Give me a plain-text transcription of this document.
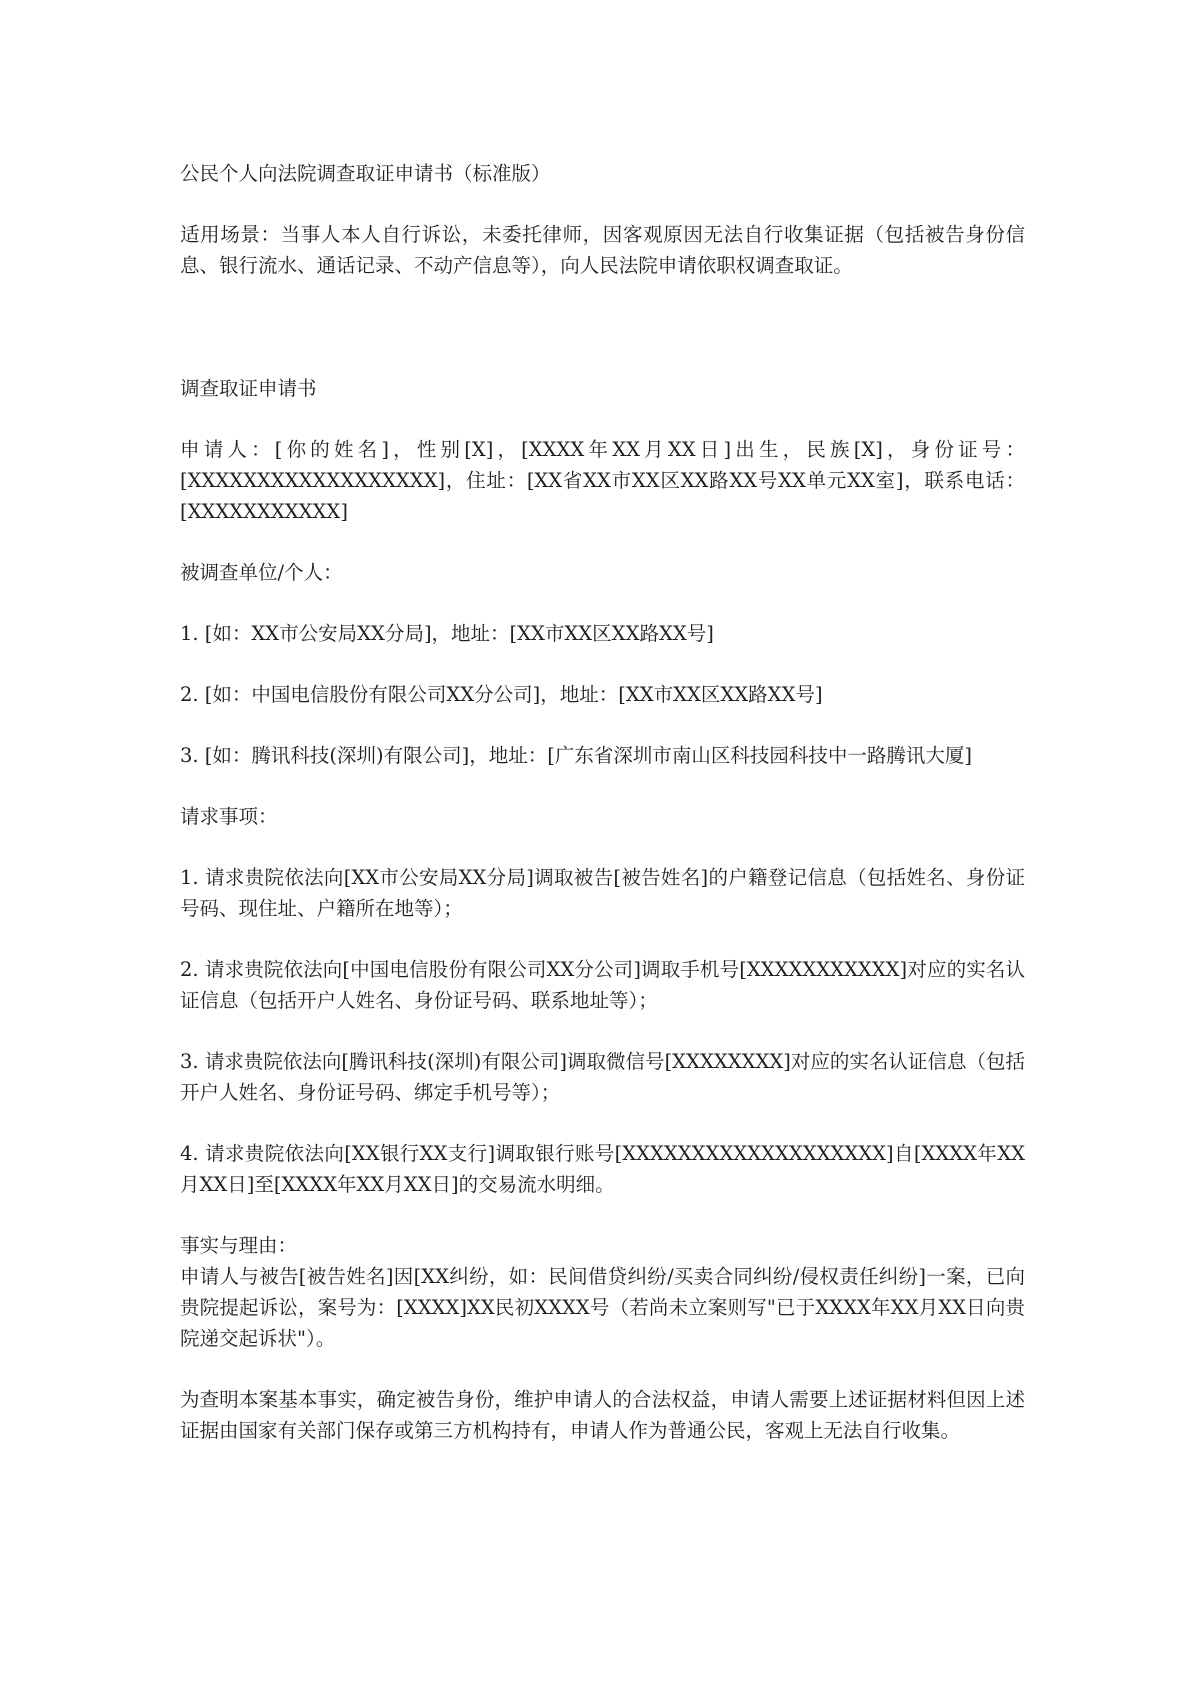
公民个人向法院调查取证申请书（标准版）

适用场景：当事人本人自行诉讼，未委托律师，因客观原因无法自行收集证据（包括被告身份信息、银行流水、通话记录、不动产信息等），向人民法院申请依职权调查取证。

调查取证申请书

申请人：[你的姓名]，性别[X]，[XXXX年XX月XX日]出生，民族[X]，身份证号：[XXXXXXXXXXXXXXXXXX]，住址：[XX省XX市XX区XX路XX号XX单元XX室]，联系电话：[XXXXXXXXXXX]

被调查单位/个人：

1. [如：XX市公安局XX分局]，地址：[XX市XX区XX路XX号]

2. [如：中国电信股份有限公司XX分公司]，地址：[XX市XX区XX路XX号]

3. [如：腾讯科技(深圳)有限公司]，地址：[广东省深圳市南山区科技园科技中一路腾讯大厦]

请求事项：

1. 请求贵院依法向[XX市公安局XX分局]调取被告[被告姓名]的户籍登记信息（包括姓名、身份证号码、现住址、户籍所在地等）；

2. 请求贵院依法向[中国电信股份有限公司XX分公司]调取手机号[XXXXXXXXXXX]对应的实名认证信息（包括开户人姓名、身份证号码、联系地址等）；

3. 请求贵院依法向[腾讯科技(深圳)有限公司]调取微信号[XXXXXXXX]对应的实名认证信息（包括开户人姓名、身份证号码、绑定手机号等）；

4. 请求贵院依法向[XX银行XX支行]调取银行账号[XXXXXXXXXXXXXXXXXXX]自[XXXX年XX月XX日]至[XXXX年XX月XX日]的交易流水明细。

事实与理由：

申请人与被告[被告姓名]因[XX纠纷，如：民间借贷纠纷/买卖合同纠纷/侵权责任纠纷]一案，已向贵院提起诉讼，案号为：[XXXX]XX民初XXXX号（若尚未立案则写"已于XXXX年XX月XX日向贵院递交起诉状"）。

为查明本案基本事实，确定被告身份，维护申请人的合法权益，申请人需要上述证据材料但因上述证据由国家有关部门保存或第三方机构持有，申请人作为普通公民，客观上无法自行收集。
